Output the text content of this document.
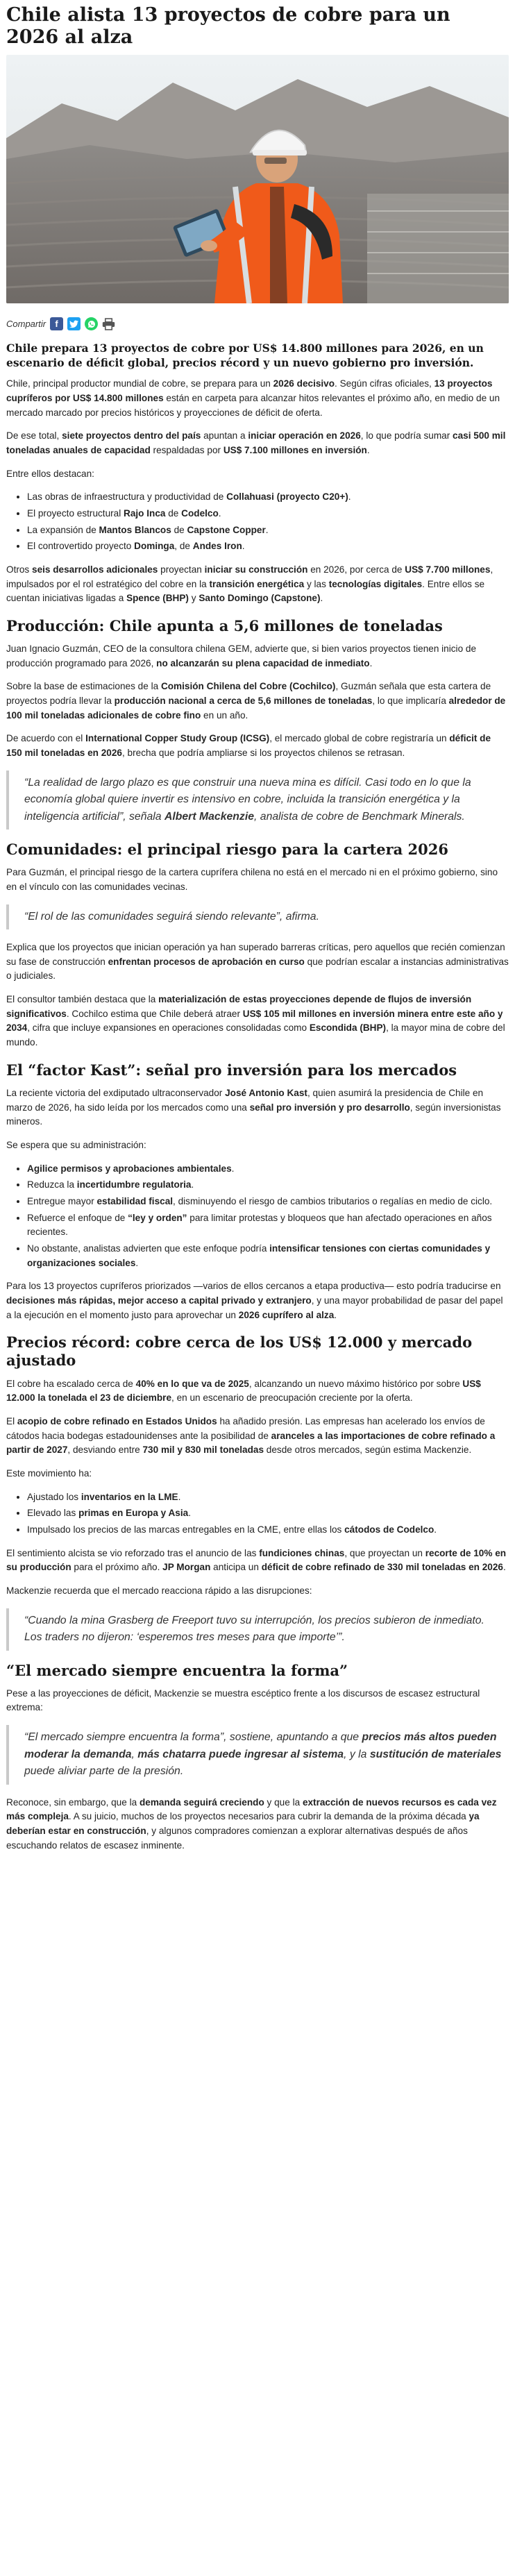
Chile alista 13 proyectos de cobre para un 2026 al alza
Compartir	f
Chile prepara 13 proyectos de cobre por US$ 14.800 millones para 2026, en un escenario de déficit global, precios récord y un nuevo gobierno pro inversión.

Chile, principal productor mundial de cobre, se prepara para un 2026 decisivo. Según cifras oficiales, 13 proyectos cupríferos por US$ 14.800 millones están en carpeta para alcanzar hitos relevantes el próximo año, en medio de un mercado marcado por precios históricos y proyecciones de déficit de oferta.

De ese total, siete proyectos dentro del país apuntan a iniciar operación en 2026, lo que podría sumar casi 500 mil toneladas anuales de capacidad respaldadas por US$ 7.100 millones en inversión.

Entre ellos destacan:

• Las obras de infraestructura y productividad de Collahuasi (proyecto C20+).
• El proyecto estructural Rajo Inca de Codelco.
• La expansión de Mantos Blancos de Capstone Copper.
• El controvertido proyecto Dominga, de Andes Iron.

Otros seis desarrollos adicionales proyectan iniciar su construcción en 2026, por cerca de US$ 7.700 millones, impulsados por el rol estratégico del cobre en la transición energética y las tecnologías digitales. Entre ellos se cuentan iniciativas ligadas a Spence (BHP) y Santo Domingo (Capstone).

Producción: Chile apunta a 5,6 millones de toneladas

Juan Ignacio Guzmán, CEO de la consultora chilena GEM, advierte que, si bien varios proyectos tienen inicio de producción programado para 2026, no alcanzarán su plena capacidad de inmediato.

Sobre la base de estimaciones de la Comisión Chilena del Cobre (Cochilco), Guzmán señala que esta cartera de proyectos podría llevar la producción nacional a cerca de 5,6 millones de toneladas, lo que implicaría alrededor de 100 mil toneladas adicionales de cobre fino en un año.

De acuerdo con el International Copper Study Group (ICSG), el mercado global de cobre registraría un déficit de 150 mil toneladas en 2026, brecha que podría ampliarse si los proyectos chilenos se retrasan.

“La realidad de largo plazo es que construir una nueva mina es difícil. Casi todo en lo que la economía global quiere invertir es intensivo en cobre, incluida la transición energética y la inteligencia artificial”, señala Albert Mackenzie, analista de cobre de Benchmark Minerals.
Comunidades: el principal riesgo para la cartera 2026

Para Guzmán, el principal riesgo de la cartera cuprífera chilena no está en el mercado ni en el próximo gobierno, sino en el vínculo con las comunidades vecinas.

“El rol de las comunidades seguirá siendo relevante”, afirma.

Explica que los proyectos que inician operación ya han superado barreras críticas, pero aquellos que recién comienzan su fase de construcción enfrentan procesos de aprobación en curso que podrían escalar a instancias administrativas o judiciales.

El consultor también destaca que la materialización de estas proyecciones depende de flujos de inversión significativos. Cochilco estima que Chile deberá atraer US$ 105 mil millones en inversión minera entre este año y 2034, cifra que incluye expansiones en operaciones consolidadas como Escondida (BHP), la mayor mina de cobre del mundo.

El “factor Kast”: señal pro inversión para los mercados

La reciente victoria del exdiputado ultraconservador José Antonio Kast, quien asumirá la presidencia de Chile en marzo de 2026, ha sido leída por los mercados como una señal pro inversión y pro desarrollo, según inversionistas mineros.

Se espera que su administración:

• Agilice permisos y aprobaciones ambientales.
• Reduzca la incertidumbre regulatoria.
• Entregue mayor estabilidad fiscal, disminuyendo el riesgo de cambios tributarios o regalías en medio de ciclo.
• Refuerce el enfoque de “ley y orden” para limitar protestas y bloqueos que han afectado operaciones en años recientes.
• No obstante, analistas advierten que este enfoque podría intensificar tensiones con ciertas comunidades y organizaciones sociales.

Para los 13 proyectos cupríferos priorizados —varios de ellos cercanos a etapa productiva— esto podría traducirse en decisiones más rápidas, mejor acceso a capital privado y extranjero, y una mayor probabilidad de pasar del papel a la ejecución en el momento justo para aprovechar un 2026 cuprífero al alza.

Precios récord: cobre cerca de los US$ 12.000 y mercado ajustado

El cobre ha escalado cerca de 40% en lo que va de 2025, alcanzando un nuevo máximo histórico por sobre US$ 12.000 la tonelada el 23 de diciembre, en un escenario de preocupación creciente por la oferta.

El acopio de cobre refinado en Estados Unidos ha añadido presión. Las empresas han acelerado los envíos de cátodos hacia bodegas estadounidenses ante la posibilidad de aranceles a las importaciones de cobre refinado a partir de 2027, desviando entre 730 mil y 830 mil toneladas desde otros mercados, según estima Mackenzie.

Este movimiento ha:

• Ajustado los inventarios en la LME.
• Elevado las primas en Europa y Asia.
• Impulsado los precios de las marcas entregables en la CME, entre ellas los cátodos de Codelco.

El sentimiento alcista se vio reforzado tras el anuncio de las fundiciones chinas, que proyectan un recorte de 10% en su producción para el próximo año. JP Morgan anticipa un déficit de cobre refinado de 330 mil toneladas en 2026.

Mackenzie recuerda que el mercado reacciona rápido a las disrupciones:

“Cuando la mina Grasberg de Freeport tuvo su interrupción, los precios subieron de inmediato. Los traders no dijeron: ‘esperemos tres meses para que importe’”.
“El mercado siempre encuentra la forma”

Pese a las proyecciones de déficit, Mackenzie se muestra escéptico frente a los discursos de escasez estructural extrema:

“El mercado siempre encuentra la forma”, sostiene, apuntando a que precios más altos pueden moderar la demanda, más chatarra puede ingresar al sistema, y la sustitución de materiales puede aliviar parte de la presión.

Reconoce, sin embargo, que la demanda seguirá creciendo y que la extracción de nuevos recursos es cada vez más compleja. A su juicio, muchos de los proyectos necesarios para cubrir la demanda de la próxima década ya deberían estar en construcción, y algunos compradores comienzan a explorar alternativas después de años escuchando relatos de escasez inminente.
